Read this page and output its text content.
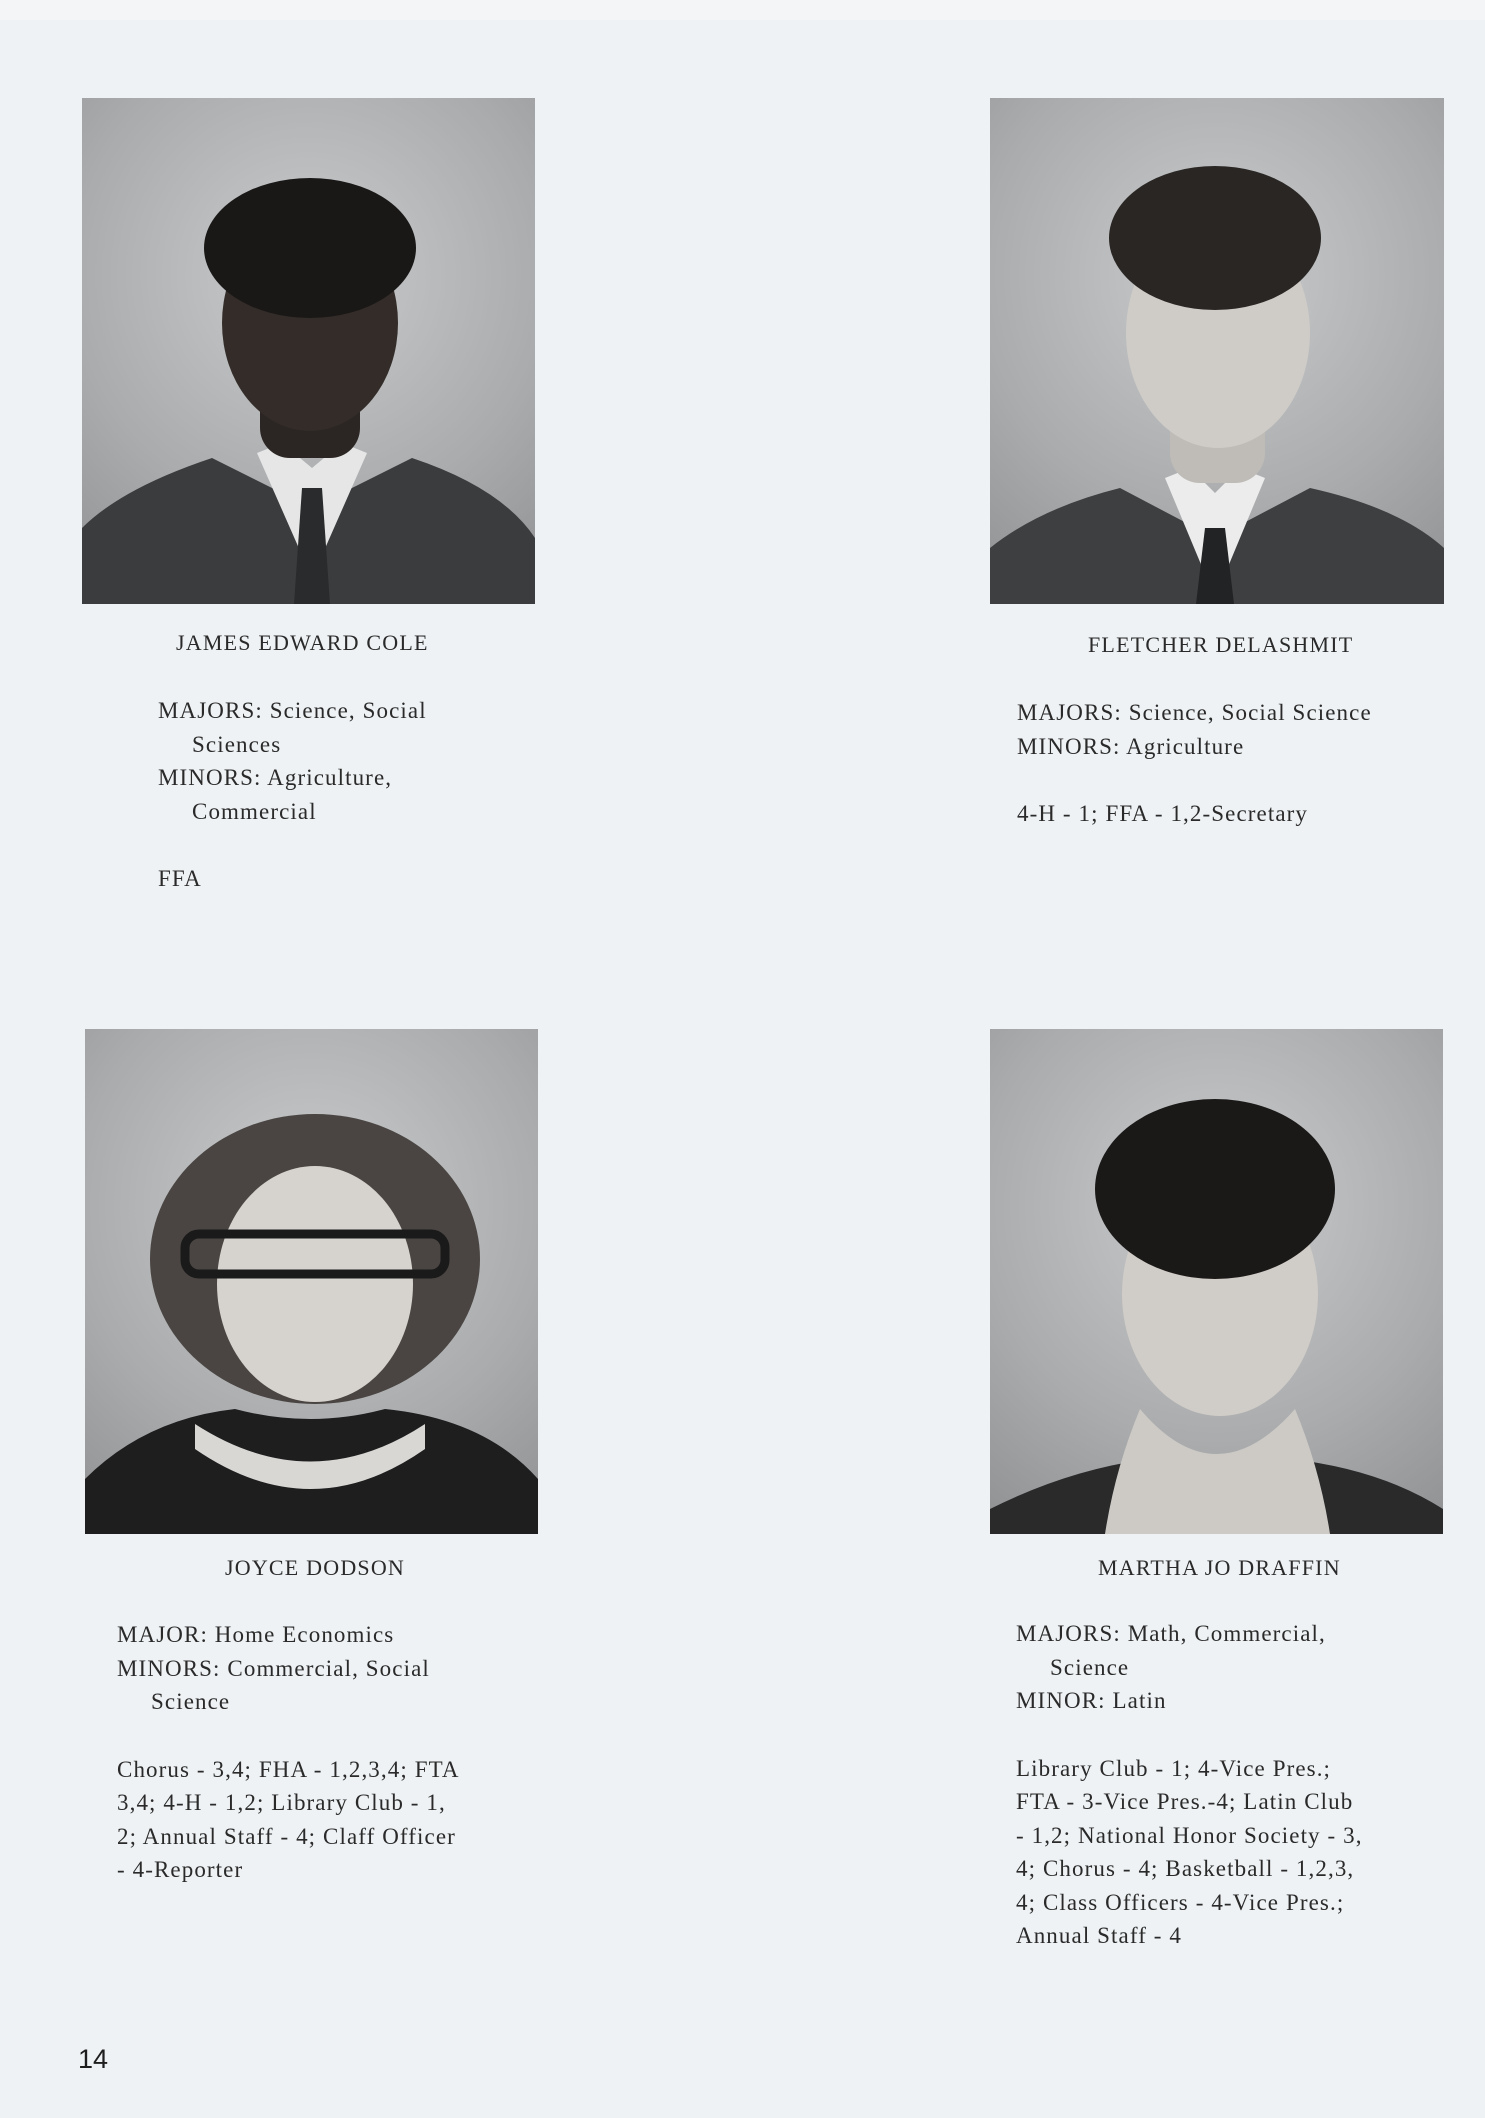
JAMES EDWARD COLE
MAJORS: Science, Social
Sciences
MINORS: Agriculture,
Commercial
FFA
FLETCHER DELASHMIT
MAJORS: Science, Social Science
MINORS: Agriculture
4-H - 1; FFA - 1,2-Secretary
JOYCE DODSON
MAJOR: Home Economics
MINORS: Commercial, Social
Science
Chorus - 3,4; FHA - 1,2,3,4; FTA
3,4; 4-H - 1,2; Library Club - 1,
2; Annual Staff - 4; Claff Officer
- 4-Reporter
MARTHA JO DRAFFIN
MAJORS: Math, Commercial,
Science
MINOR: Latin
Library Club - 1; 4-Vice Pres.;
FTA - 3-Vice Pres.-4; Latin Club
- 1,2; National Honor Society - 3,
4; Chorus - 4; Basketball - 1,2,3,
4; Class Officers - 4-Vice Pres.;
Annual Staff - 4
14
